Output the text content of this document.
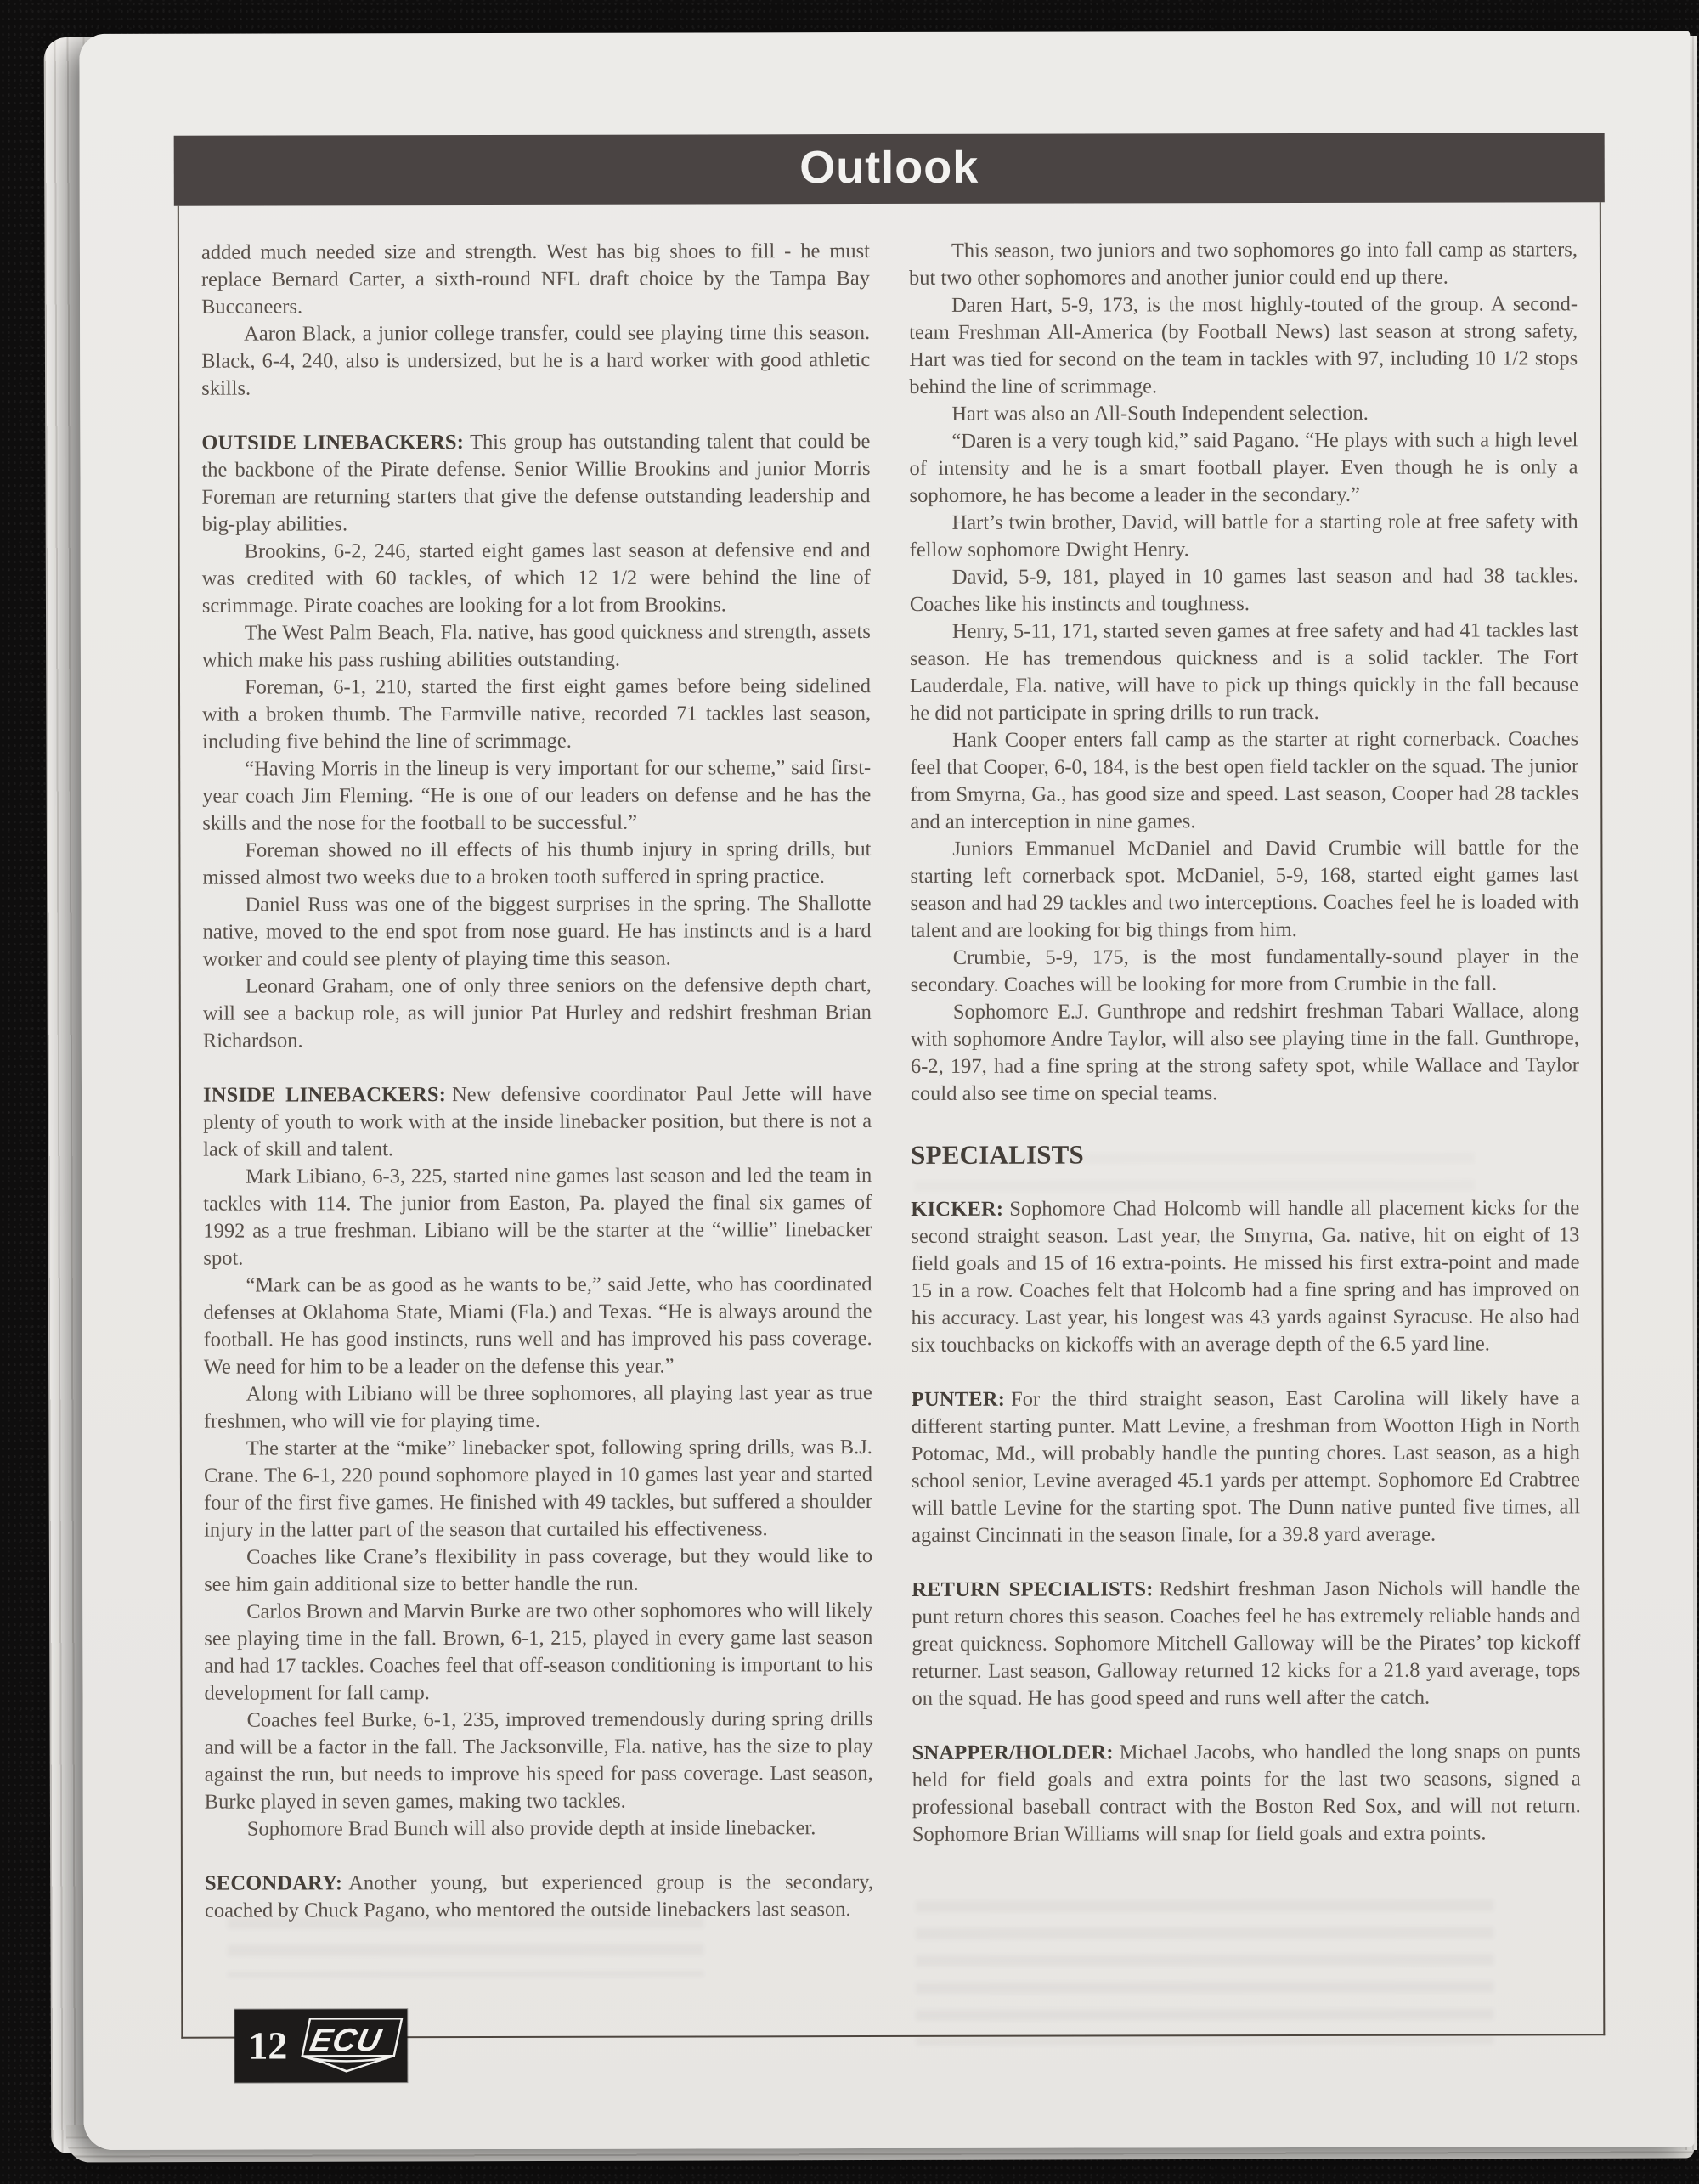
Outlook

added much needed size and strength. West has big shoes to fill - he must replace Bernard Carter, a sixth-round NFL draft choice by the Tampa Bay Buccaneers.

Aaron Black, a junior college transfer, could see playing time this season. Black, 6-4, 240, also is undersized, but he is a hard worker with good athletic skills.

OUTSIDE LINEBACKERS: This group has outstanding talent that could be the backbone of the Pirate defense. Senior Willie Brookins and junior Morris Foreman are returning starters that give the defense outstanding leadership and big-play abilities.

Brookins, 6-2, 246, started eight games last season at defensive end and was credited with 60 tackles, of which 12 1/2 were behind the line of scrimmage. Pirate coaches are looking for a lot from Brookins.

The West Palm Beach, Fla. native, has good quickness and strength, assets which make his pass rushing abilities outstanding.

Foreman, 6-1, 210, started the first eight games before being sidelined with a broken thumb. The Farmville native, recorded 71 tackles last season, including five behind the line of scrimmage.

“Having Morris in the lineup is very important for our scheme,” said first-year coach Jim Fleming. “He is one of our leaders on defense and he has the skills and the nose for the football to be successful.”

Foreman showed no ill effects of his thumb injury in spring drills, but missed almost two weeks due to a broken tooth suffered in spring practice.

Daniel Russ was one of the biggest surprises in the spring. The Shallotte native, moved to the end spot from nose guard. He has instincts and is a hard worker and could see plenty of playing time this season.

Leonard Graham, one of only three seniors on the defensive depth chart, will see a backup role, as will junior Pat Hurley and redshirt freshman Brian Richardson.

INSIDE LINEBACKERS: New defensive coordinator Paul Jette will have plenty of youth to work with at the inside linebacker position, but there is not a lack of skill and talent.

Mark Libiano, 6-3, 225, started nine games last season and led the team in tackles with 114. The junior from Easton, Pa. played the final six games of 1992 as a true freshman. Libiano will be the starter at the “willie” linebacker spot.

“Mark can be as good as he wants to be,” said Jette, who has coordinated defenses at Oklahoma State, Miami (Fla.) and Texas. “He is always around the football. He has good instincts, runs well and has improved his pass coverage. We need for him to be a leader on the defense this year.”

Along with Libiano will be three sophomores, all playing last year as true freshmen, who will vie for playing time.

The starter at the “mike” linebacker spot, following spring drills, was B.J. Crane. The 6-1, 220 pound sophomore played in 10 games last year and started four of the first five games. He finished with 49 tackles, but suffered a shoulder injury in the latter part of the season that curtailed his effectiveness.

Coaches like Crane’s flexibility in pass coverage, but they would like to see him gain additional size to better handle the run.

Carlos Brown and Marvin Burke are two other sophomores who will likely see playing time in the fall. Brown, 6-1, 215, played in every game last season and had 17 tackles. Coaches feel that off-season conditioning is important to his development for fall camp.

Coaches feel Burke, 6-1, 235, improved tremendously during spring drills and will be a factor in the fall. The Jacksonville, Fla. native, has the size to play against the run, but needs to improve his speed for pass coverage. Last season, Burke played in seven games, making two tackles.

Sophomore Brad Bunch will also provide depth at inside linebacker.

SECONDARY: Another young, but experienced group is the secondary, coached by Chuck Pagano, who mentored the outside linebackers last season.

This season, two juniors and two sophomores go into fall camp as starters, but two other sophomores and another junior could end up there.

Daren Hart, 5-9, 173, is the most highly-touted of the group. A second-team Freshman All-America (by Football News) last season at strong safety, Hart was tied for second on the team in tackles with 97, including 10 1/2 stops behind the line of scrimmage.

Hart was also an All-South Independent selection.

“Daren is a very tough kid,” said Pagano. “He plays with such a high level of intensity and he is a smart football player. Even though he is only a sophomore, he has become a leader in the secondary.”

Hart’s twin brother, David, will battle for a starting role at free safety with fellow sophomore Dwight Henry.

David, 5-9, 181, played in 10 games last season and had 38 tackles. Coaches like his instincts and toughness.

Henry, 5-11, 171, started seven games at free safety and had 41 tackles last season. He has tremendous quickness and is a solid tackler. The Fort Lauderdale, Fla. native, will have to pick up things quickly in the fall because he did not participate in spring drills to run track.

Hank Cooper enters fall camp as the starter at right cornerback. Coaches feel that Cooper, 6-0, 184, is the best open field tackler on the squad. The junior from Smyrna, Ga., has good size and speed. Last season, Cooper had 28 tackles and an interception in nine games.

Juniors Emmanuel McDaniel and David Crumbie will battle for the starting left cornerback spot. McDaniel, 5-9, 168, started eight games last season and had 29 tackles and two interceptions. Coaches feel he is loaded with talent and are looking for big things from him.

Crumbie, 5-9, 175, is the most fundamentally-sound player in the secondary. Coaches will be looking for more from Crumbie in the fall.

Sophomore E.J. Gunthrope and redshirt freshman Tabari Wallace, along with sophomore Andre Taylor, will also see playing time in the fall. Gunthrope, 6-2, 197, had a fine spring at the strong safety spot, while Wallace and Taylor could also see time on special teams.

SPECIALISTS

KICKER: Sophomore Chad Holcomb will handle all placement kicks for the second straight season. Last year, the Smyrna, Ga. native, hit on eight of 13 field goals and 15 of 16 extra-points. He missed his first extra-point and made 15 in a row. Coaches felt that Holcomb had a fine spring and has improved on his accuracy. Last year, his longest was 43 yards against Syracuse. He also had six touchbacks on kickoffs with an average depth of the 6.5 yard line.

PUNTER: For the third straight season, East Carolina will likely have a different starting punter. Matt Levine, a freshman from Wootton High in North Potomac, Md., will probably handle the punting chores. Last season, as a high school senior, Levine averaged 45.1 yards per attempt. Sophomore Ed Crabtree will battle Levine for the starting spot. The Dunn native punted five times, all against Cincinnati in the season finale, for a 39.8 yard average.

RETURN SPECIALISTS: Redshirt freshman Jason Nichols will handle the punt return chores this season. Coaches feel he has extremely reliable hands and great quickness. Sophomore Mitchell Galloway will be the Pirates’ top kickoff returner. Last season, Galloway returned 12 kicks for a 21.8 yard average, tops on the squad. He has good speed and runs well after the catch.

SNAPPER/HOLDER: Michael Jacobs, who handled the long snaps on punts held for field goals and extra points for the last two seasons, signed a professional baseball contract with the Boston Red Sox, and will not return. Sophomore Brian Williams will snap for field goals and extra points.

12 ECU
